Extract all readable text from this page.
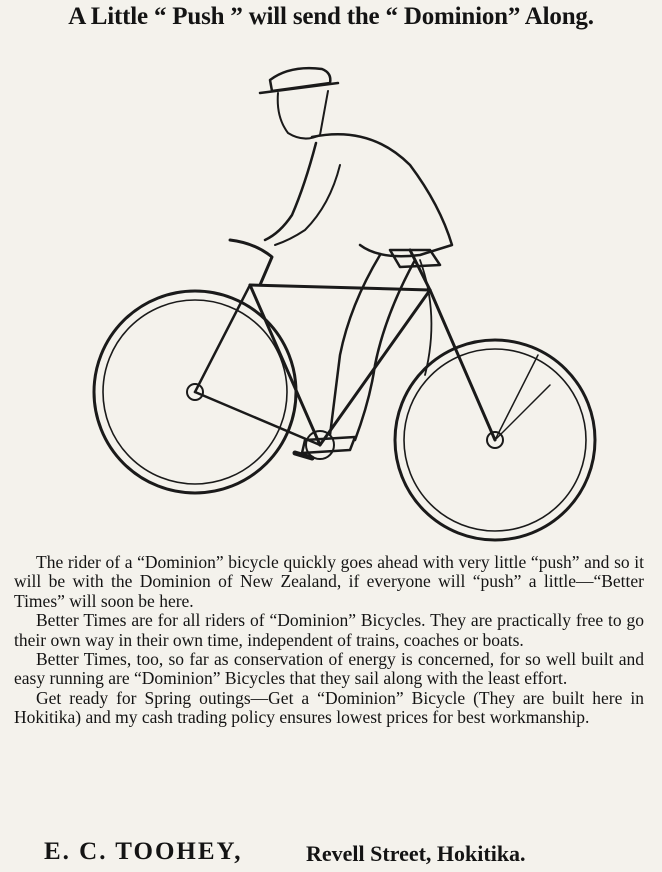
A Little “ Push ” will send the “ Dominion” Along.

The rider of a “Dominion” bicycle quickly goes ahead with very little “push” and so it will be with the Dominion of New Zealand, if everyone will “push” a little—“Better Times” will soon be here.

Better Times are for all riders of “Dominion” Bicycles. They are practically free to go their own way in their own time, independent of trains, coaches or boats.

Better Times, too, so far as conservation of energy is concerned, for so well built and easy running are “Dominion” Bicycles that they sail along with the least effort.

Get ready for Spring outings—Get a “Dominion” Bicycle (They are built here in Hokitika) and my cash trading policy ensures lowest prices for best workmanship.

E. C. TOOHEY,	Revell Street, Hokitika.
